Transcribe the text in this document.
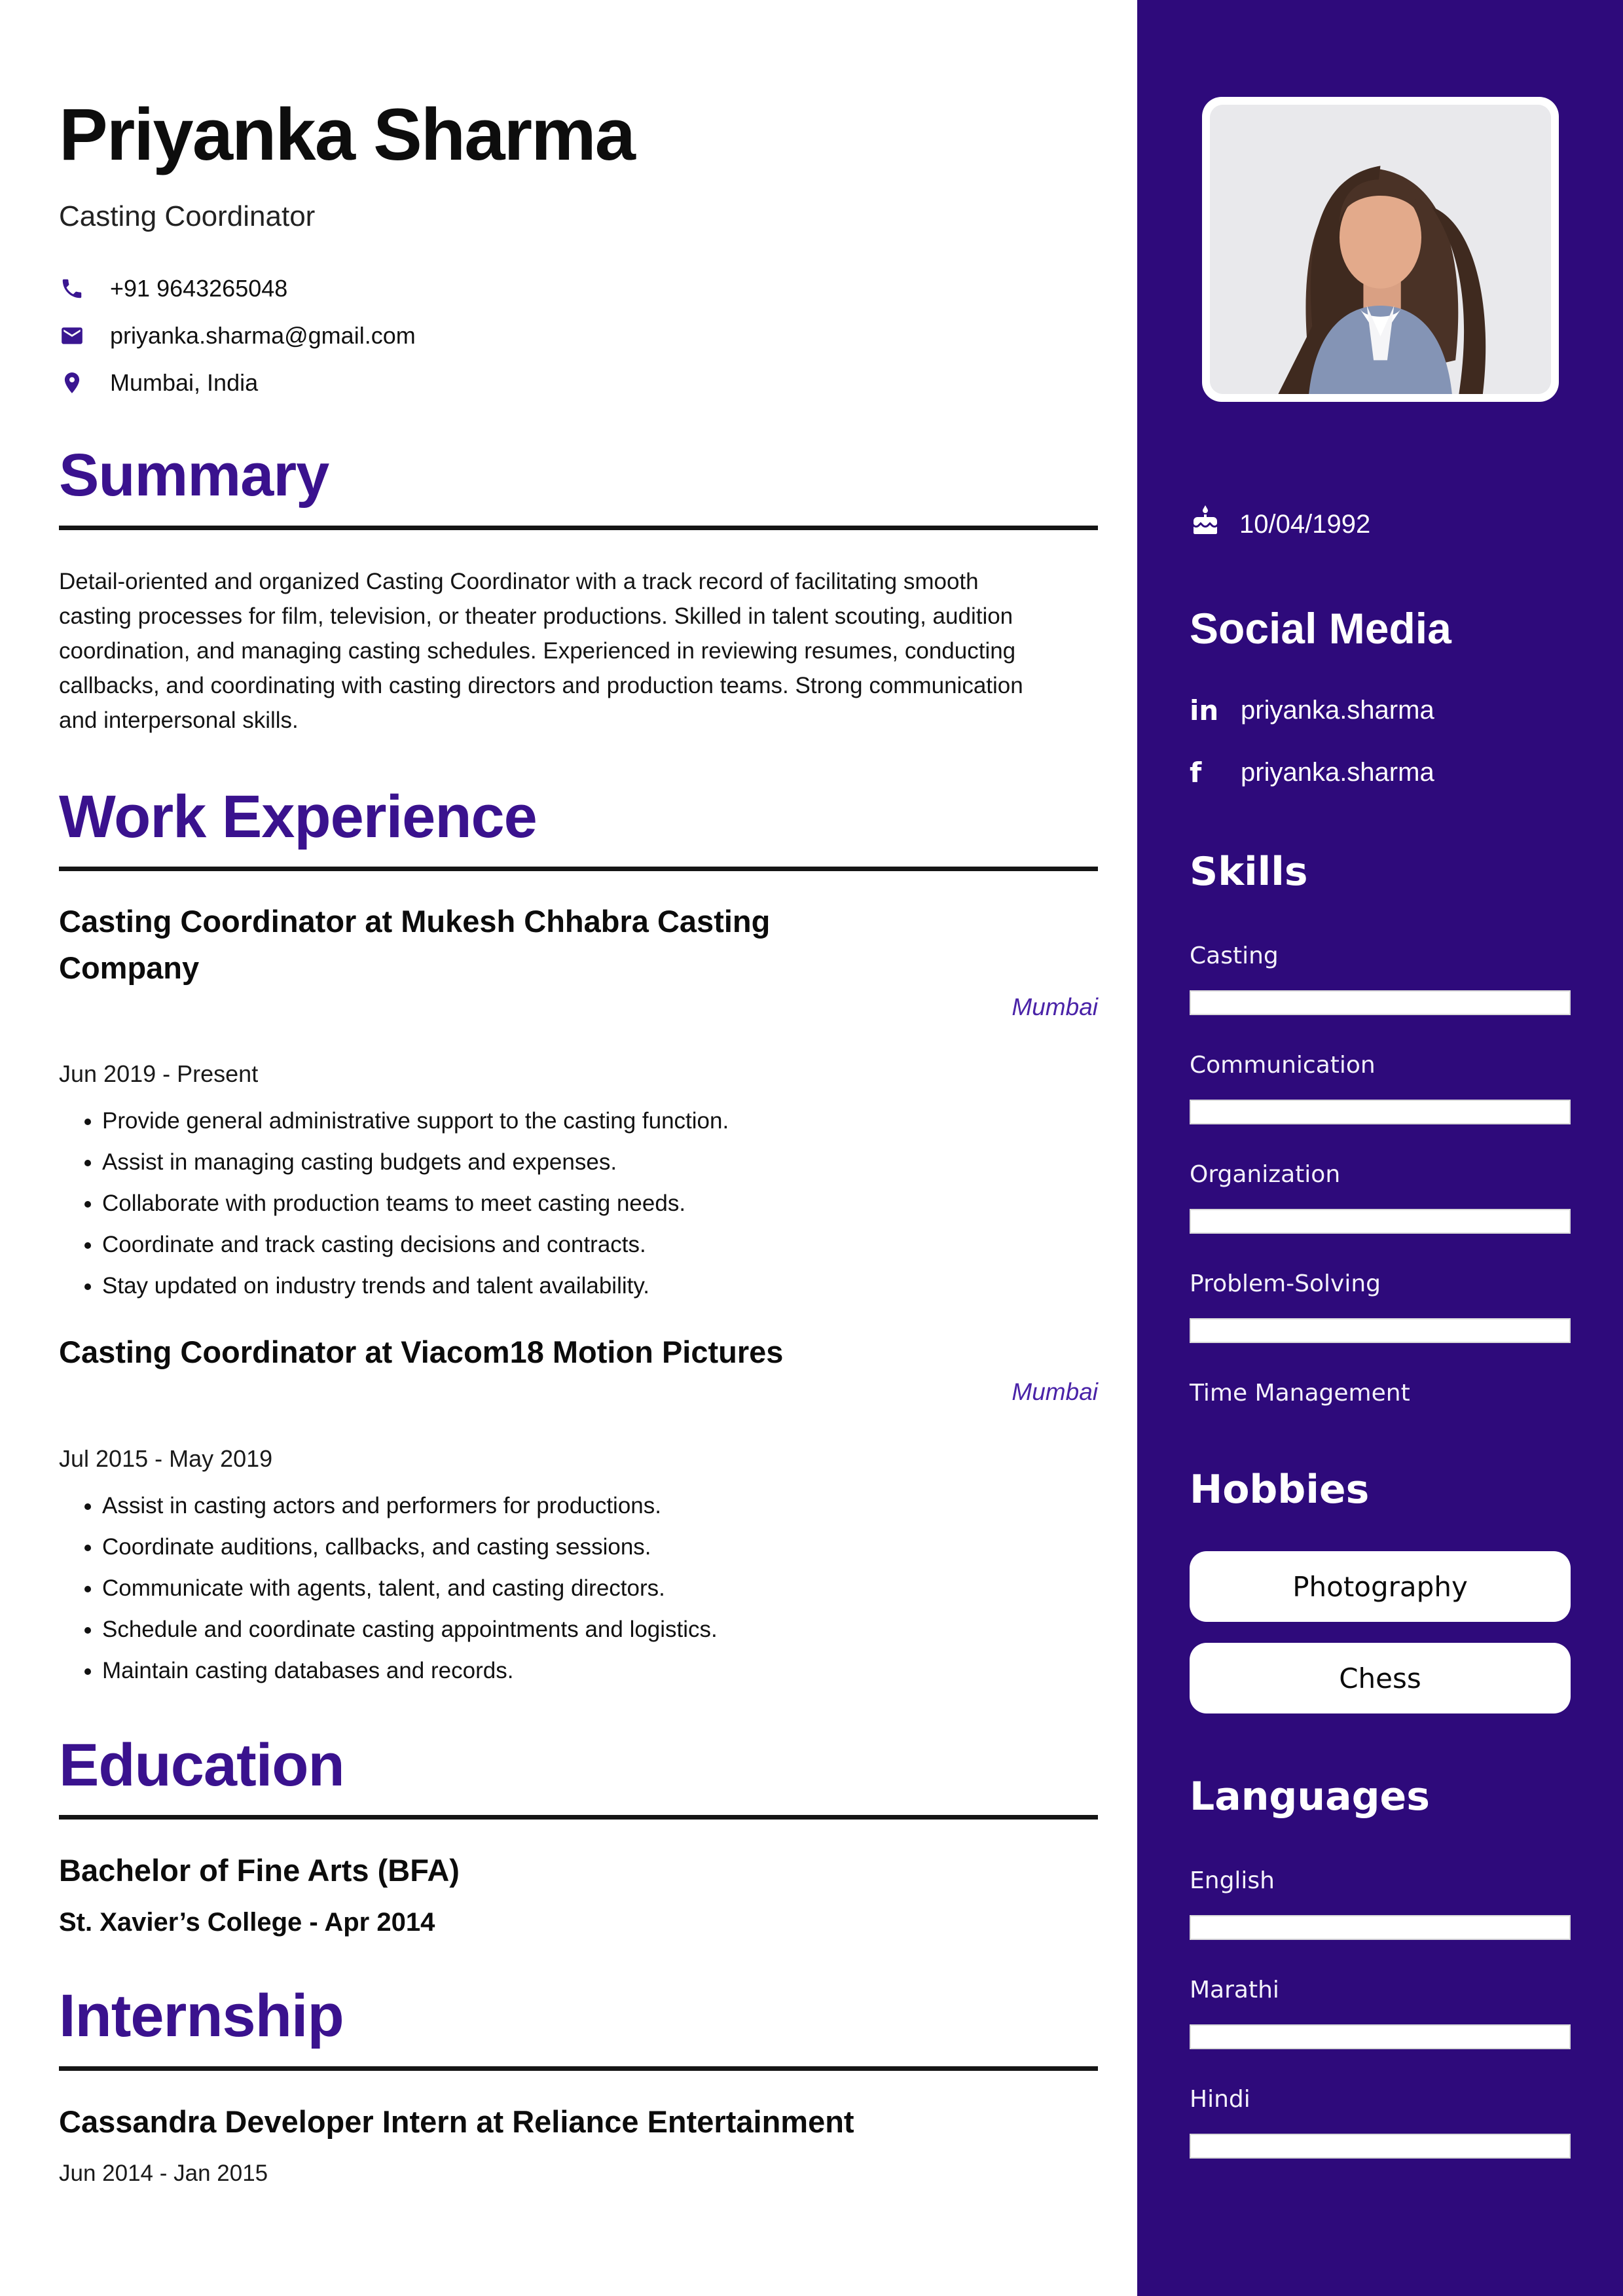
Priyanka Sharma
Casting Coordinator
+91 9643265048
priyanka.sharma@gmail.com
Mumbai, India
Summary
Detail-oriented and organized Casting Coordinator with a track record of facilitating smooth casting processes for film, television, or theater productions. Skilled in talent scouting, audition coordination, and managing casting schedules. Experienced in reviewing resumes, conducting callbacks, and coordinating with casting directors and production teams. Strong communication and interpersonal skills.
Work Experience
Casting Coordinator at Mukesh Chhabra Casting Company
Mumbai
Jun 2019 - Present
• Provide general administrative support to the casting function.
• Assist in managing casting budgets and expenses.
• Collaborate with production teams to meet casting needs.
• Coordinate and track casting decisions and contracts.
• Stay updated on industry trends and talent availability.
Casting Coordinator at Viacom18 Motion Pictures
Mumbai
Jul 2015 - May 2019
• Assist in casting actors and performers for productions.
• Coordinate auditions, callbacks, and casting sessions.
• Communicate with agents, talent, and casting directors.
• Schedule and coordinate casting appointments and logistics.
• Maintain casting databases and records.
Education
Bachelor of Fine Arts (BFA)
St. Xavier’s College - Apr 2014
Internship
Cassandra Developer Intern at Reliance Entertainment
Jun 2014 - Jan 2015
10/04/1992
Social Media
in priyanka.sharma
f	priyanka.sharma
Skills
Casting
Communication
Organization
Problem-Solving
Time Management
Hobbies
Photography
Chess
Languages
English
Marathi
Hindi
